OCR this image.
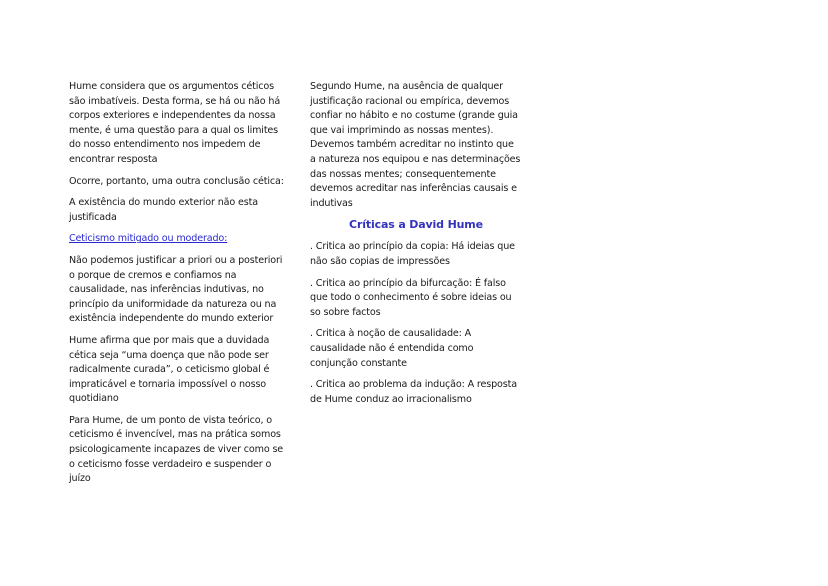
Hume considera que os argumentos céticos são imbatíveis. Desta forma, se há ou não há corpos exteriores e independentes da nossa mente, é uma questão para a qual os limites do nosso entendimento nos impedem de encontrar resposta

Ocorre, portanto, uma outra conclusão cética:

A existência do mundo exterior não esta justificada

Ceticismo mitigado ou moderado:

Não podemos justificar a priori ou a posteriori o porque de cremos e confiamos na causalidade, nas inferências indutivas, no princípio da uniformidade da natureza ou na existência independente do mundo exterior

Hume afirma que por mais que a duvidada cética seja “uma doença que não pode ser radicalmente curada”, o ceticismo global é impraticável e tornaria impossível o nosso quotidiano

Para Hume, de um ponto de vista teórico, o ceticismo é invencível, mas na prática somos psicologicamente incapazes de viver como se o ceticismo fosse verdadeiro e suspender o juízo

Segundo Hume, na ausência de qualquer justificação racional ou empírica, devemos confiar no hábito e no costume (grande guia que vai imprimindo as nossas mentes). Devemos também acreditar no instinto que a natureza nos equipou e nas determinações das nossas mentes; consequentemente devemos acreditar nas inferências causais e indutivas

Críticas a David Hume

. Critica ao princípio da copia: Há ideias que não são copias de impressões

. Critica ao princípio da bifurcação: É falso que todo o conhecimento é sobre ideias ou so sobre factos

. Critica à noção de causalidade: A causalidade não é entendida como conjunção constante

. Critica ao problema da indução: A resposta de Hume conduz ao irracionalismo
